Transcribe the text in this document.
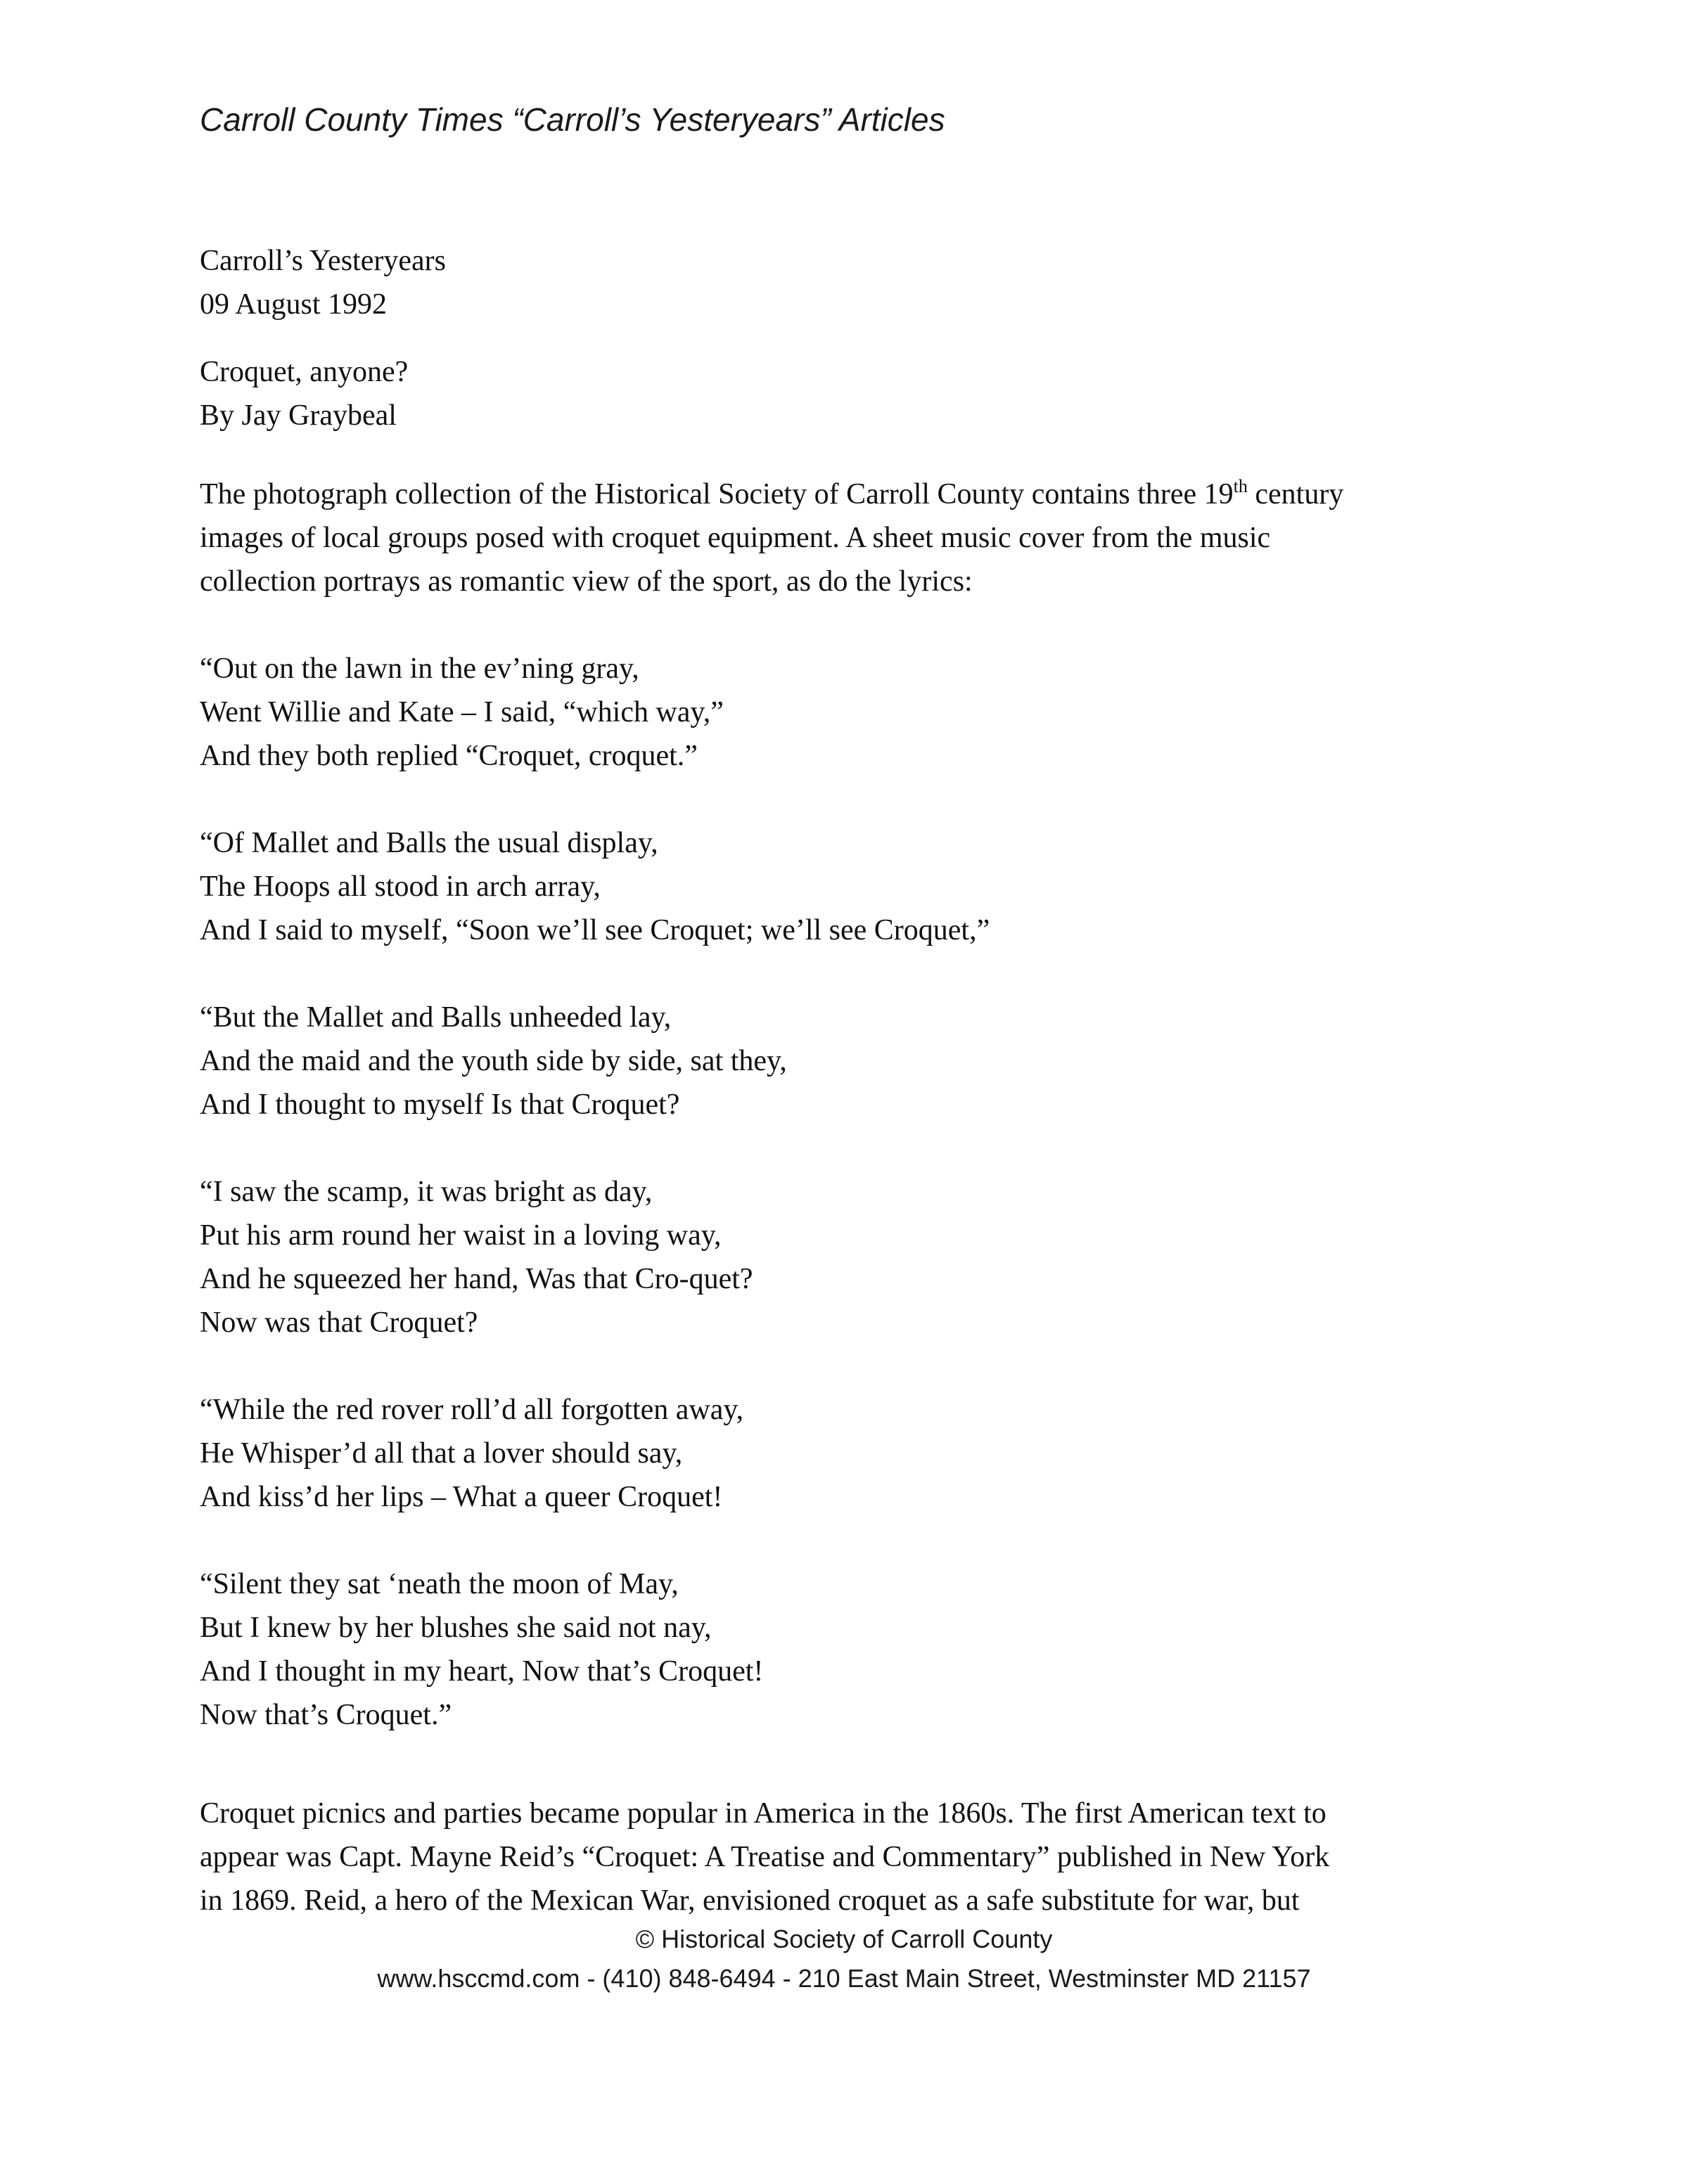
Carroll County Times “Carroll’s Yesteryears” Articles

Carroll’s Yesteryears

09 August 1992

Croquet, anyone?

By Jay Graybeal

The photograph collection of the Historical Society of Carroll County contains three 19th century

images of local groups posed with croquet equipment. A sheet music cover from the music

collection portrays as romantic view of the sport, as do the lyrics:

“Out on the lawn in the ev’ning gray,

Went Willie and Kate – I said, “which way,”

And they both replied “Croquet, croquet.”

“Of Mallet and Balls the usual display,

The Hoops all stood in arch array,

And I said to myself, “Soon we’ll see Croquet; we’ll see Croquet,”

“But the Mallet and Balls unheeded lay,

And the maid and the youth side by side, sat they,

And I thought to myself Is that Croquet?

“I saw the scamp, it was bright as day,

Put his arm round her waist in a loving way,

And he squeezed her hand, Was that Cro-quet?

Now was that Croquet?

“While the red rover roll’d all forgotten away,

He Whisper’d all that a lover should say,

And kiss’d her lips – What a queer Croquet!

“Silent they sat ‘neath the moon of May,

But I knew by her blushes she said not nay,

And I thought in my heart, Now that’s Croquet!

Now that’s Croquet.”

Croquet picnics and parties became popular in America in the 1860s. The first American text to

appear was Capt. Mayne Reid’s “Croquet: A Treatise and Commentary” published in New York

in 1869. Reid, a hero of the Mexican War, envisioned croquet as a safe substitute for war, but

© Historical Society of Carroll County
www.hsccmd.com - (410) 848-6494 - 210 East Main Street, Westminster MD 21157
